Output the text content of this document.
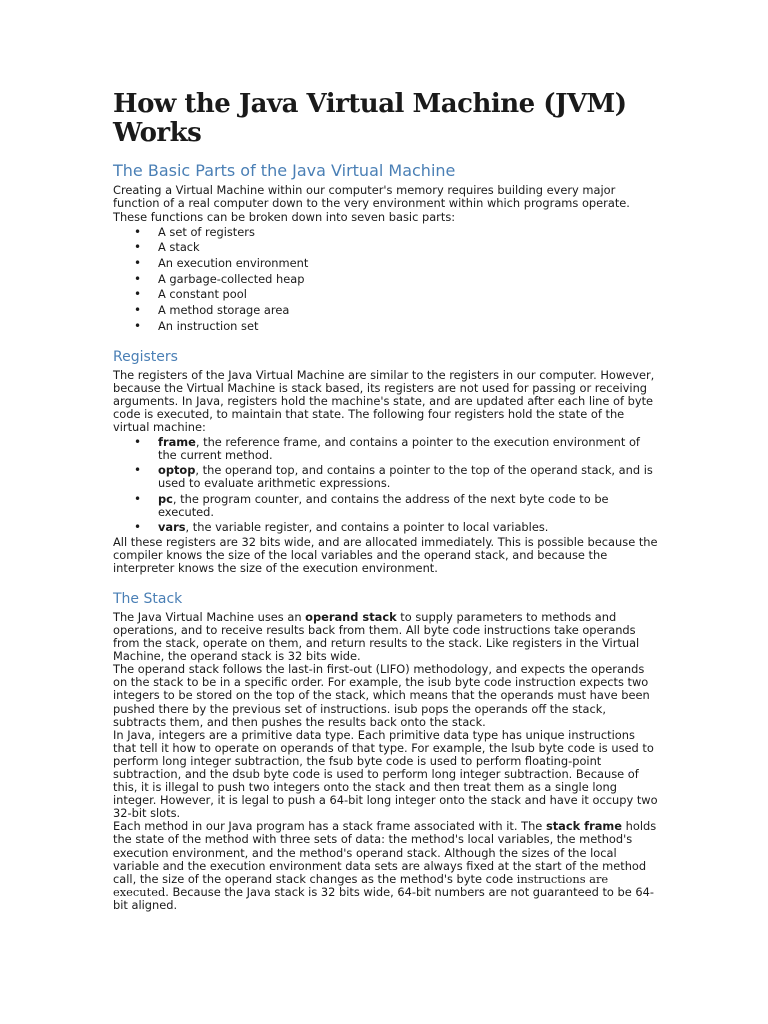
How the Java Virtual Machine (JVM) Works
The Basic Parts of the Java Virtual Machine

Creating a Virtual Machine within our computer's memory requires building every major function of a real computer down to the very environment within which programs operate. These functions can be broken down into seven basic parts:

• A set of registers
• A stack
• An execution environment
• A garbage-collected heap
• A constant pool
• A method storage area
• An instruction set
Registers

The registers of the Java Virtual Machine are similar to the registers in our computer. However, because the Virtual Machine is stack based, its registers are not used for passing or receiving arguments. In Java, registers hold the machine's state, and are updated after each line of byte code is executed, to maintain that state. The following four registers hold the state of the virtual machine:

• frame, the reference frame, and contains a pointer to the execution environment of the current method.
• optop, the operand top, and contains a pointer to the top of the operand stack, and is used to evaluate arithmetic expressions.
• pc, the program counter, and contains the address of the next byte code to be executed.
• vars, the variable register, and contains a pointer to local variables.

All these registers are 32 bits wide, and are allocated immediately. This is possible because the compiler knows the size of the local variables and the operand stack, and because the interpreter knows the size of the execution environment.

The Stack

The Java Virtual Machine uses an operand stack to supply parameters to methods and operations, and to receive results back from them. All byte code instructions take operands from the stack, operate on them, and return results to the stack. Like registers in the Virtual Machine, the operand stack is 32 bits wide.

The operand stack follows the last-in first-out (LIFO) methodology, and expects the operands on the stack to be in a specific order. For example, the isub byte code instruction expects two integers to be stored on the top of the stack, which means that the operands must have been pushed there by the previous set of instructions. isub pops the operands off the stack, subtracts them, and then pushes the results back onto the stack.

In Java, integers are a primitive data type. Each primitive data type has unique instructions that tell it how to operate on operands of that type. For example, the lsub byte code is used to perform long integer subtraction, the fsub byte code is used to perform floating-point subtraction, and the dsub byte code is used to perform long integer subtraction. Because of this, it is illegal to push two integers onto the stack and then treat them as a single long integer. However, it is legal to push a 64-bit long integer onto the stack and have it occupy two 32-bit slots.

Each method in our Java program has a stack frame associated with it. The stack frame holds the state of the method with three sets of data: the method's local variables, the method's execution environment, and the method's operand stack. Although the sizes of the local variable and the execution environment data sets are always fixed at the start of the method call, the size of the operand stack changes as the method's byte code instructions are executed. Because the Java stack is 32 bits wide, 64-bit numbers are not guaranteed to be 64-bit aligned.
